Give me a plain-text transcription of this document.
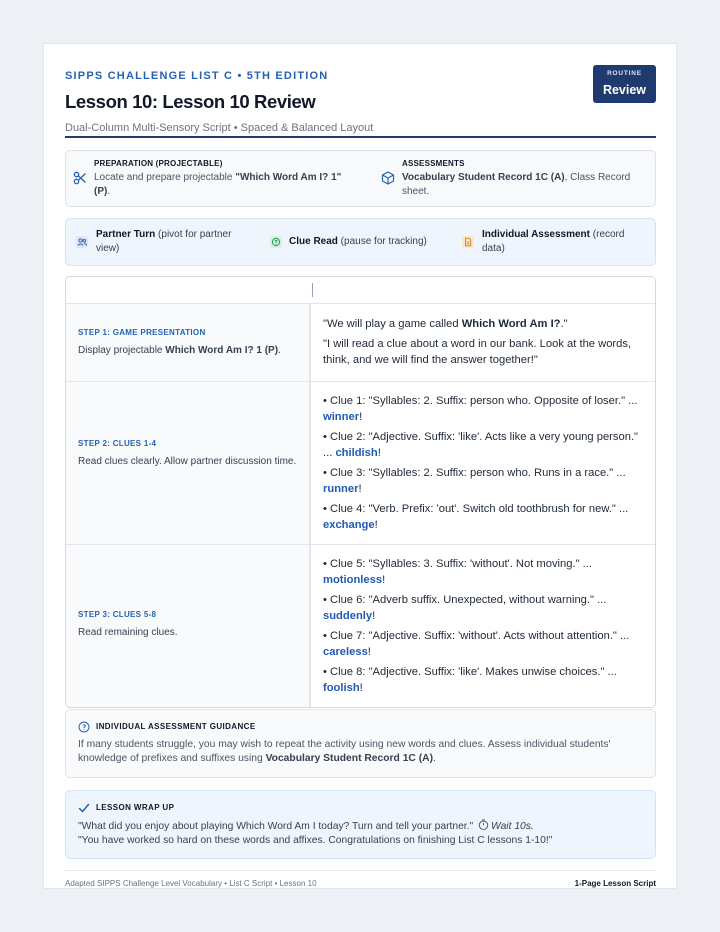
SIPPS CHALLENGE LIST C • 5TH EDITION
Lesson 10: Lesson 10 Review
Dual-Column Multi-Sensory Script • Spaced & Balanced Layout
ROUTINE
Review
PREPARATION (PROJECTABLE)
Locate and prepare projectable "Which Word Am I? 1" (P).
ASSESSMENTS
Vocabulary Student Record 1C (A), Class Record sheet.
Partner Turn (pivot for partner view)
Clue Read (pause for tracking)
Individual Assessment (record data)
STEP 1: GAME PRESENTATION
Display projectable Which Word Am I? 1 (P).
"We will play a game called Which Word Am I?."
"I will read a clue about a word in our bank. Look at the words, think, and we will find the answer together!"
STEP 2: CLUES 1-4
Read clues clearly. Allow partner discussion time.
• Clue 1: "Syllables: 2. Suffix: person who. Opposite of loser." ... winner!
• Clue 2: "Adjective. Suffix: 'like'. Acts like a very young person." ... childish!
• Clue 3: "Syllables: 2. Suffix: person who. Runs in a race." ... runner!
• Clue 4: "Verb. Prefix: 'out'. Switch old toothbrush for new." ... exchange!
STEP 3: CLUES 5-8
Read remaining clues.
• Clue 5: "Syllables: 3. Suffix: 'without'. Not moving." ... motionless!
• Clue 6: "Adverb suffix. Unexpected, without warning." ... suddenly!
• Clue 7: "Adjective. Suffix: 'without'. Acts without attention." ... careless!
• Clue 8: "Adjective. Suffix: 'like'. Makes unwise choices." ... foolish!
INDIVIDUAL ASSESSMENT GUIDANCE
If many students struggle, you may wish to repeat the activity using new words and clues. Assess individual students' knowledge of prefixes and suffixes using Vocabulary Student Record 1C (A).
LESSON WRAP UP
"What did you enjoy about playing Which Word Am I today? Turn and tell your partner." Wait 10s.
"You have worked so hard on these words and affixes. Congratulations on finishing List C lessons 1-10!"
Adapted SIPPS Challenge Level Vocabulary • List C Script • Lesson 10	1-Page Lesson Script
